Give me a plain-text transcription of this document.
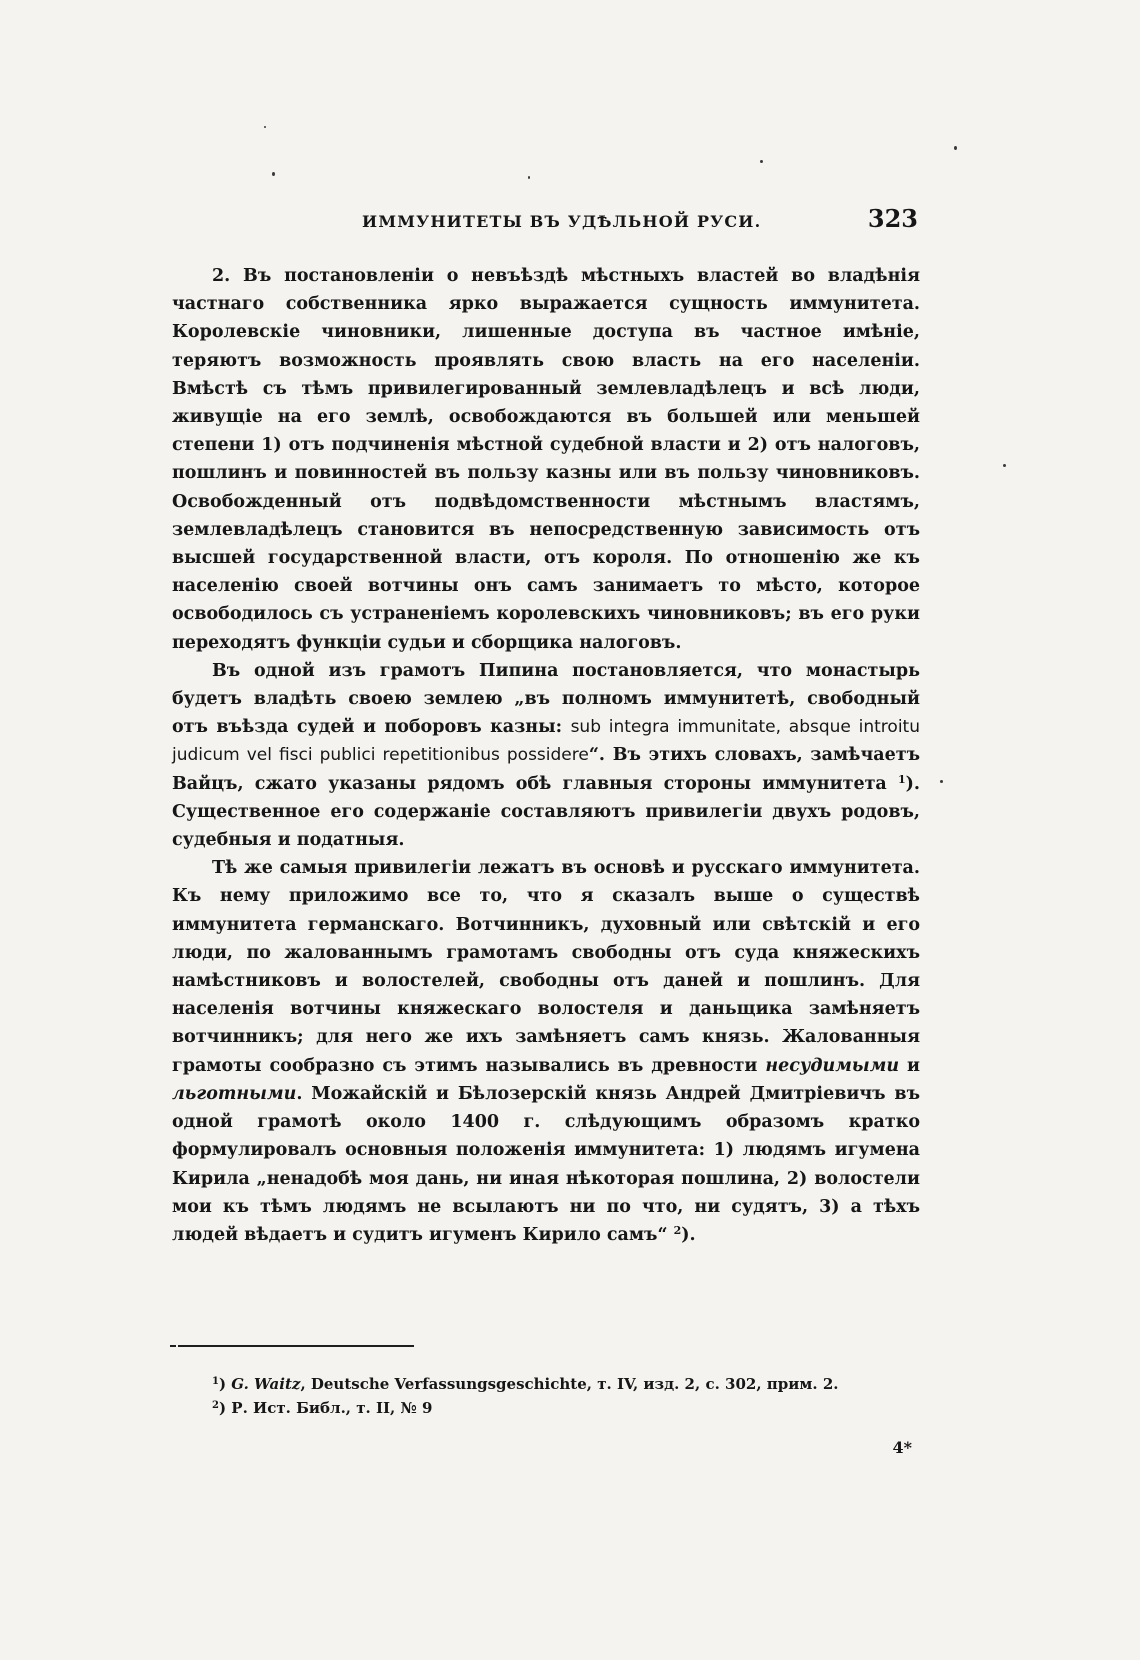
ИММУНИТЕТЫ ВЪ УДѢЛЬНОЙ РУСИ.	323

2. Въ постановленіи о невъѣздѣ мѣстныхъ властей во владѣнія частнаго собственника ярко выражается сущность иммунитета. Королевскіе чиновники, лишенные доступа въ частное имѣніе, теряютъ возможность проявлять свою власть на его населеніи. Вмѣстѣ съ тѣмъ привилегированный землевладѣлецъ и всѣ люди, живущіе на его землѣ, освобождаются въ большей или меньшей степени 1) отъ подчиненія мѣстной судебной власти и 2) отъ налоговъ, пошлинъ и повинностей въ пользу казны или въ пользу чиновниковъ. Освобожденный отъ подвѣдомственности мѣстнымъ властямъ, землевладѣлецъ становится въ непосредственную зависимость отъ высшей государственной власти, отъ короля. По отношенію же къ населенію своей вотчины онъ самъ занимаетъ то мѣсто, которое освободилось съ устраненіемъ королевскихъ чиновниковъ; въ его руки переходятъ функціи судьи и сборщика налоговъ.

Въ одной изъ грамотъ Пипина постановляется, что монастырь будетъ владѣть своею землею „въ полномъ иммунитетѣ, свободный отъ въѣзда судей и поборовъ казны: sub integra immunitate, absque introitu judicum vel fisci publici repetitionibus possidere“. Въ этихъ словахъ, замѣчаетъ Вайцъ, сжато указаны рядомъ обѣ главныя стороны иммунитета $^1$). Существенное его содержаніе составляютъ привилегіи двухъ родовъ, судебныя и податныя.

Тѣ же самыя привилегіи лежатъ въ основѣ и русскаго иммунитета. Къ нему приложимо все то, что я сказалъ выше о существѣ иммунитета германскаго. Вотчинникъ, духовный или свѣтскій и его люди, по жалованнымъ грамотамъ свободны отъ суда княжескихъ намѣстниковъ и волостелей, свободны отъ даней и пошлинъ. Для населенія вотчины княжескаго волостеля и даньщика замѣняетъ вотчинникъ; для него же ихъ замѣняетъ самъ князь. Жалованныя грамоты сообразно съ этимъ назывались въ древности несудимыми и льготными. Можайскій и Бѣлозерскій князь Андрей Дмитріевичъ въ одной грамотѣ около 1400 г. слѣдующимъ образомъ кратко формулировалъ основныя положенія иммунитета: 1) людямъ игумена Кирила „ненадобѣ моя дань, ни иная нѣкоторая пошлина, 2) волостели мои къ тѣмъ людямъ не всылаютъ ни по что, ни судятъ, 3) а тѣхъ людей вѣдаетъ и судитъ игуменъ Кирило самъ“ $^2$).

$^1$) G. Waitz, Deutsche Verfassungsgeschichte, т. IV, изд. 2, с. 302, прим. 2.

$^2$) Р. Ист. Библ., т. II, № 9

4*
